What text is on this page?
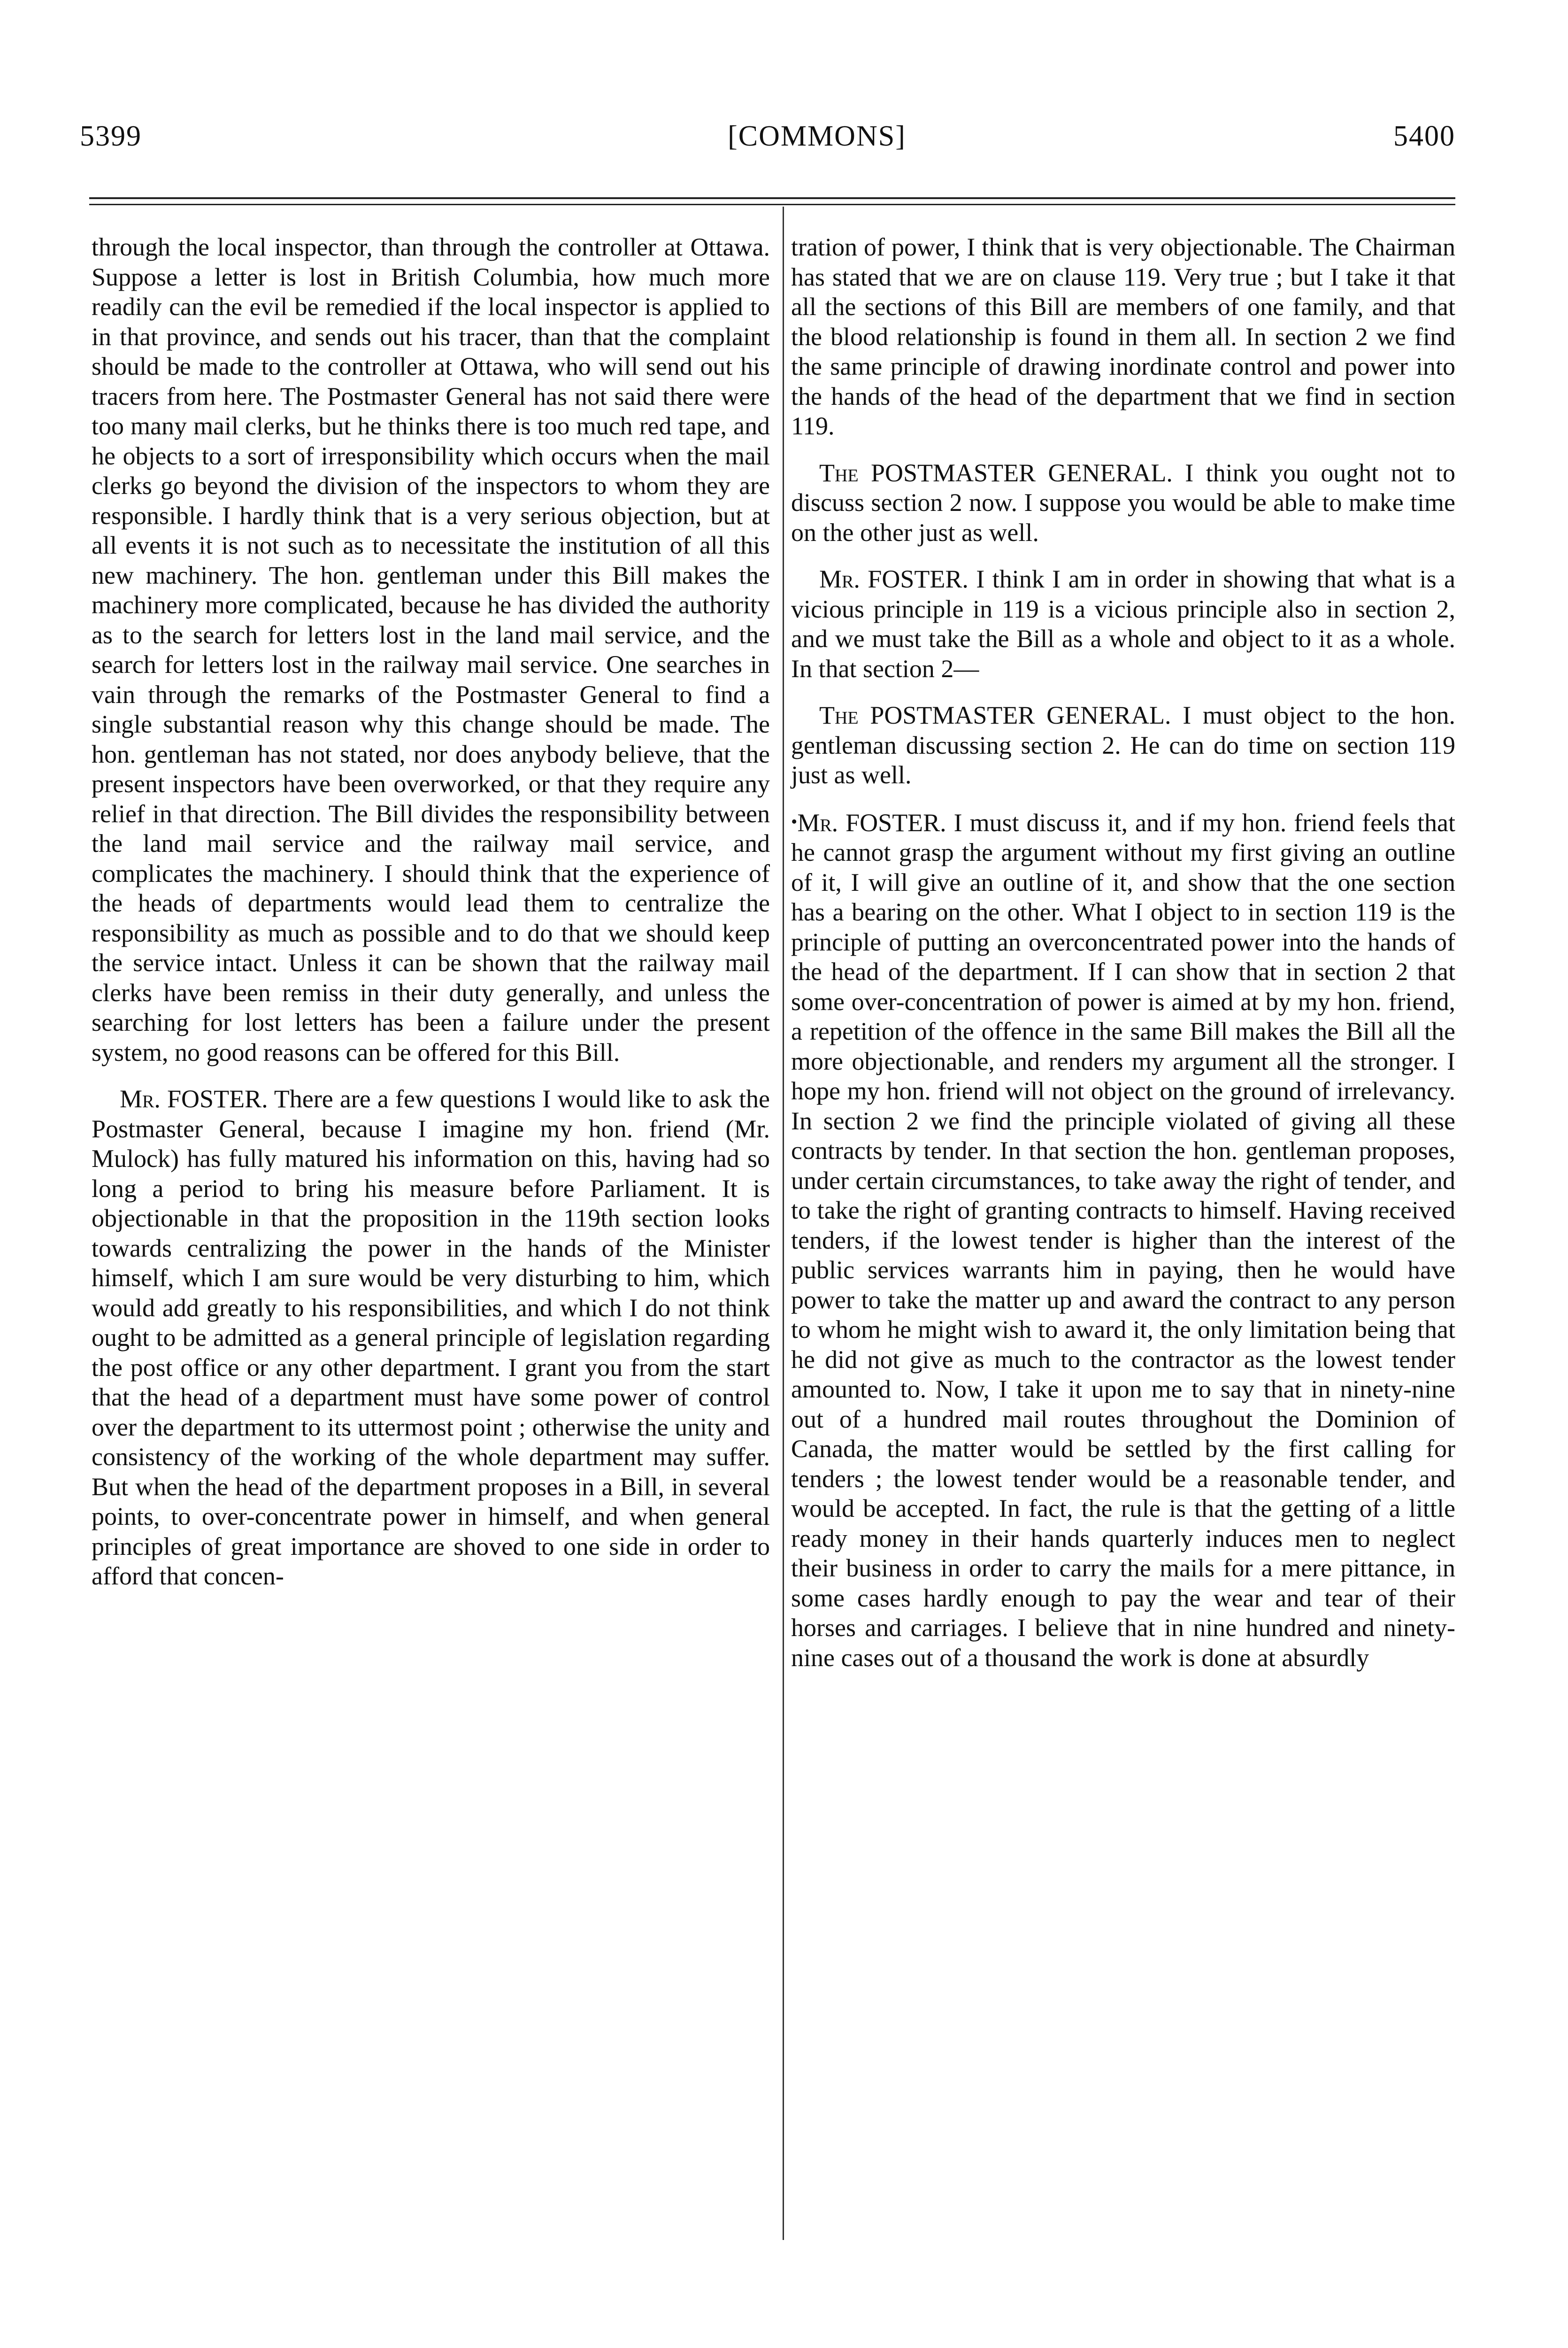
5399	[COMMONS]	5400

through the local inspector, than through the controller at Ottawa. Suppose a letter is lost in British Columbia, how much more readily can the evil be remedied if the local inspector is applied to in that province, and sends out his tracer, than that the complaint should be made to the controller at Ottawa, who will send out his tracers from here. The Postmaster General has not said there were too many mail clerks, but he thinks there is too much red tape, and he objects to a sort of irresponsibility which occurs when the mail clerks go beyond the division of the inspectors to whom they are responsible. I hardly think that is a very serious objection, but at all events it is not such as to necessitate the institution of all this new machinery. The hon. gentleman under this Bill makes the machinery more complicated, because he has divided the authority as to the search for letters lost in the land mail service, and the search for letters lost in the railway mail service. One searches in vain through the remarks of the Postmaster General to find a single substantial reason why this change should be made. The hon. gentleman has not stated, nor does anybody believe, that the present inspectors have been overworked, or that they require any relief in that direction. The Bill divides the responsibility between the land mail service and the railway mail service, and complicates the machinery. I should think that the experience of the heads of departments would lead them to centralize the responsibility as much as possible and to do that we should keep the service intact. Unless it can be shown that the railway mail clerks have been remiss in their duty generally, and unless the searching for lost letters has been a failure under the present system, no good reasons can be offered for this Bill.

Mr. FOSTER. There are a few questions I would like to ask the Postmaster General, because I imagine my hon. friend (Mr. Mulock) has fully matured his information on this, having had so long a period to bring his measure before Parliament. It is objectionable in that the proposition in the 119th section looks towards centralizing the power in the hands of the Minister himself, which I am sure would be very disturbing to him, which would add greatly to his responsibilities, and which I do not think ought to be admitted as a general principle of legislation regarding the post office or any other department. I grant you from the start that the head of a department must have some power of control over the department to its uttermost point ; otherwise the unity and consistency of the working of the whole department may suffer. But when the head of the department proposes in a Bill, in several points, to over-concentrate power in himself, and when general principles of great importance are shoved to one side in order to afford that concen-

tration of power, I think that is very objectionable. The Chairman has stated that we are on clause 119. Very true ; but I take it that all the sections of this Bill are members of one family, and that the blood relationship is found in them all. In section 2 we find the same principle of drawing inordinate control and power into the hands of the head of the department that we find in section 119.

The POSTMASTER GENERAL. I think you ought not to discuss section 2 now. I suppose you would be able to make time on the other just as well.

Mr. FOSTER. I think I am in order in showing that what is a vicious principle in 119 is a vicious principle also in section 2, and we must take the Bill as a whole and object to it as a whole. In that section 2—

The POSTMASTER GENERAL. I must object to the hon. gentleman discussing section 2. He can do time on section 119 just as well.

•Mr. FOSTER. I must discuss it, and if my hon. friend feels that he cannot grasp the argument without my first giving an outline of it, I will give an outline of it, and show that the one section has a bearing on the other. What I object to in section 119 is the principle of putting an overconcentrated power into the hands of the head of the department. If I can show that in section 2 that some over-concentration of power is aimed at by my hon. friend, a repetition of the offence in the same Bill makes the Bill all the more objectionable, and renders my argument all the stronger. I hope my hon. friend will not object on the ground of irrelevancy. In section 2 we find the principle violated of giving all these contracts by tender. In that section the hon. gentleman proposes, under certain circumstances, to take away the right of tender, and to take the right of granting contracts to himself. Having received tenders, if the lowest tender is higher than the interest of the public services warrants him in paying, then he would have power to take the matter up and award the contract to any person to whom he might wish to award it, the only limitation being that he did not give as much to the contractor as the lowest tender amounted to. Now, I take it upon me to say that in ninety-nine out of a hundred mail routes throughout the Dominion of Canada, the matter would be settled by the first calling for tenders ; the lowest tender would be a reasonable tender, and would be accepted. In fact, the rule is that the getting of a little ready money in their hands quarterly induces men to neglect their business in order to carry the mails for a mere pittance, in some cases hardly enough to pay the wear and tear of their horses and carriages. I believe that in nine hundred and ninety-nine cases out of a thousand the work is done at absurdly
